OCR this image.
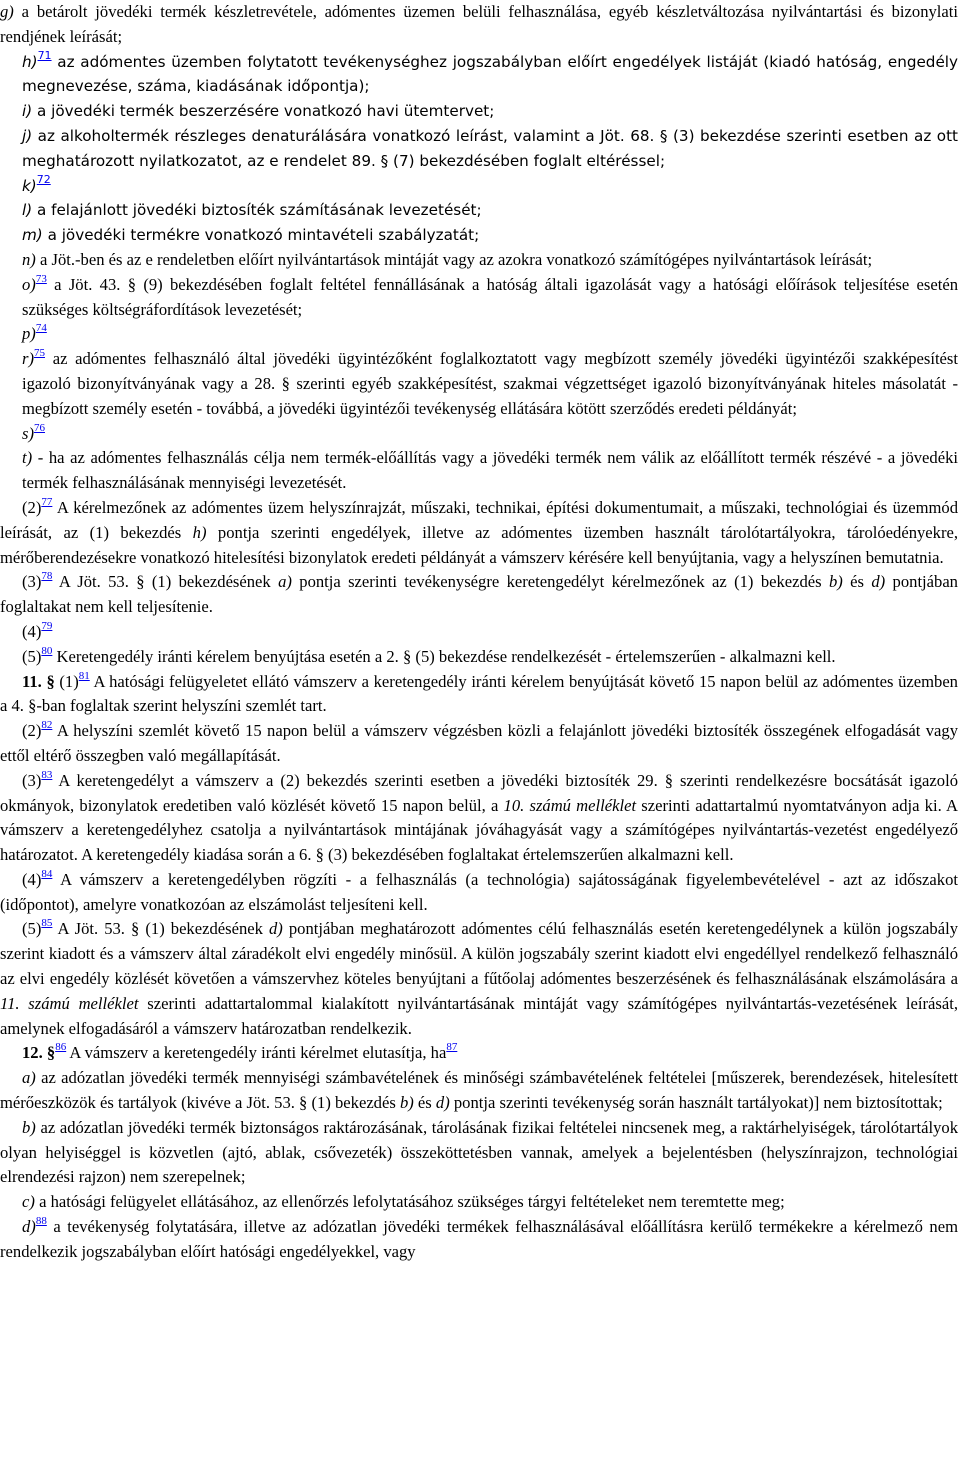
g) a betárolt jövedéki termék készletrevétele, adómentes üzemen belüli felhasználása, egyéb készletváltozása nyilvántartási és bizonylati rendjének leírását;

h)$^{71}$ az adómentes üzemben folytatott tevékenységhez jogszabályban előírt engedélyek listáját (kiadó hatóság, engedély megnevezése, száma, kiadásának időpontja);

i) a jövedéki termék beszerzésére vonatkozó havi ütemtervet;

j) az alkoholtermék részleges denaturálására vonatkozó leírást, valamint a Jöt. 68. § (3) bekezdése szerinti esetben az ott meghatározott nyilatkozatot, az e rendelet 89. § (7) bekezdésében foglalt eltéréssel;

k)$^{72}$

l) a felajánlott jövedéki biztosíték számításának levezetését;

m) a jövedéki termékre vonatkozó mintavételi szabályzatát;

n) a Jöt.-ben és az e rendeletben előírt nyilvántartások mintáját vagy az azokra vonatkozó számítógépes nyilvántartások leírását;

o)$^{73}$ a Jöt. 43. § (9) bekezdésében foglalt feltétel fennállásának a hatóság általi igazolását vagy a hatósági előírások teljesítése esetén szükséges költségráfordítások levezetését;

p)$^{74}$

r)$^{75}$ az adómentes felhasználó által jövedéki ügyintézőként foglalkoztatott vagy megbízott személy jövedéki ügyintézői szakképesítést igazoló bizonyítványának vagy a 28. § szerinti egyéb szakképesítést, szakmai végzettséget igazoló bizonyítványának hiteles másolatát - megbízott személy esetén - továbbá, a jövedéki ügyintézői tevékenység ellátására kötött szerződés eredeti példányát;

s)$^{76}$

t) - ha az adómentes felhasználás célja nem termék-előállítás vagy a jövedéki termék nem válik az előállított termék részévé - a jövedéki termék felhasználásának mennyiségi levezetését.

(2)$^{77}$ A kérelmezőnek az adómentes üzem helyszínrajzát, műszaki, technikai, építési dokumentumait, a műszaki, technológiai és üzemmód leírását, az (1) bekezdés h) pontja szerinti engedélyek, illetve az adómentes üzemben használt tárolótartályokra, tárolóedényekre, mérőberendezésekre vonatkozó hitelesítési bizonylatok eredeti példányát a vámszerv kérésére kell benyújtania, vagy a helyszínen bemutatnia.

(3)$^{78}$ A Jöt. 53. § (1) bekezdésének a) pontja szerinti tevékenységre keretengedélyt kérelmezőnek az (1) bekezdés b) és d) pontjában foglaltakat nem kell teljesítenie.

(4)$^{79}$

(5)$^{80}$ Keretengedély iránti kérelem benyújtása esetén a 2. § (5) bekezdése rendelkezését - értelemszerűen - alkalmazni kell.

11. § (1)$^{81}$ A hatósági felügyeletet ellátó vámszerv a keretengedély iránti kérelem benyújtását követő 15 napon belül az adómentes üzemben a 4. §-ban foglaltak szerint helyszíni szemlét tart.

(2)$^{82}$ A helyszíni szemlét követő 15 napon belül a vámszerv végzésben közli a felajánlott jövedéki biztosíték összegének elfogadását vagy ettől eltérő összegben való megállapítását.

(3)$^{83}$ A keretengedélyt a vámszerv a (2) bekezdés szerinti esetben a jövedéki biztosíték 29. § szerinti rendelkezésre bocsátását igazoló okmányok, bizonylatok eredetiben való közlését követő 15 napon belül, a 10. számú melléklet szerinti adattartalmú nyomtatványon adja ki. A vámszerv a keretengedélyhez csatolja a nyilvántartások mintájának jóváhagyását vagy a számítógépes nyilvántartás-vezetést engedélyező határozatot. A keretengedély kiadása során a 6. § (3) bekezdésében foglaltakat értelemszerűen alkalmazni kell.

(4)$^{84}$ A vámszerv a keretengedélyben rögzíti - a felhasználás (a technológia) sajátosságának figyelembevételével - azt az időszakot (időpontot), amelyre vonatkozóan az elszámolást teljesíteni kell.

(5)$^{85}$ A Jöt. 53. § (1) bekezdésének d) pontjában meghatározott adómentes célú felhasználás esetén keretengedélynek a külön jogszabály szerint kiadott és a vámszerv által záradékolt elvi engedély minősül. A külön jogszabály szerint kiadott elvi engedéllyel rendelkező felhasználó az elvi engedély közlését követően a vámszervhez köteles benyújtani a fűtőolaj adómentes beszerzésének és felhasználásának elszámolására a 11. számú melléklet szerinti adattartalommal kialakított nyilvántartásának mintáját vagy számítógépes nyilvántartás-vezetésének leírását, amelynek elfogadásáról a vámszerv határozatban rendelkezik.

12. §$^{86}$ A vámszerv a keretengedély iránti kérelmet elutasítja, ha$^{87}$

a) az adózatlan jövedéki termék mennyiségi számbavételének és minőségi számbavételének feltételei [műszerek, berendezések, hitelesített mérőeszközök és tartályok (kivéve a Jöt. 53. § (1) bekezdés b) és d) pontja szerinti tevékenység során használt tartályokat)] nem biztosítottak;

b) az adózatlan jövedéki termék biztonságos raktározásának, tárolásának fizikai feltételei nincsenek meg, a raktárhelyiségek, tárolótartályok olyan helyiséggel is közvetlen (ajtó, ablak, csővezeték) összeköttetésben vannak, amelyek a bejelentésben (helyszínrajzon, technológiai elrendezési rajzon) nem szerepelnek;

c) a hatósági felügyelet ellátásához, az ellenőrzés lefolytatásához szükséges tárgyi feltételeket nem teremtette meg;

d)$^{88}$ a tevékenység folytatására, illetve az adózatlan jövedéki termékek felhasználásával előállításra kerülő termékekre a kérelmező nem rendelkezik jogszabályban előírt hatósági engedélyekkel, vagy
